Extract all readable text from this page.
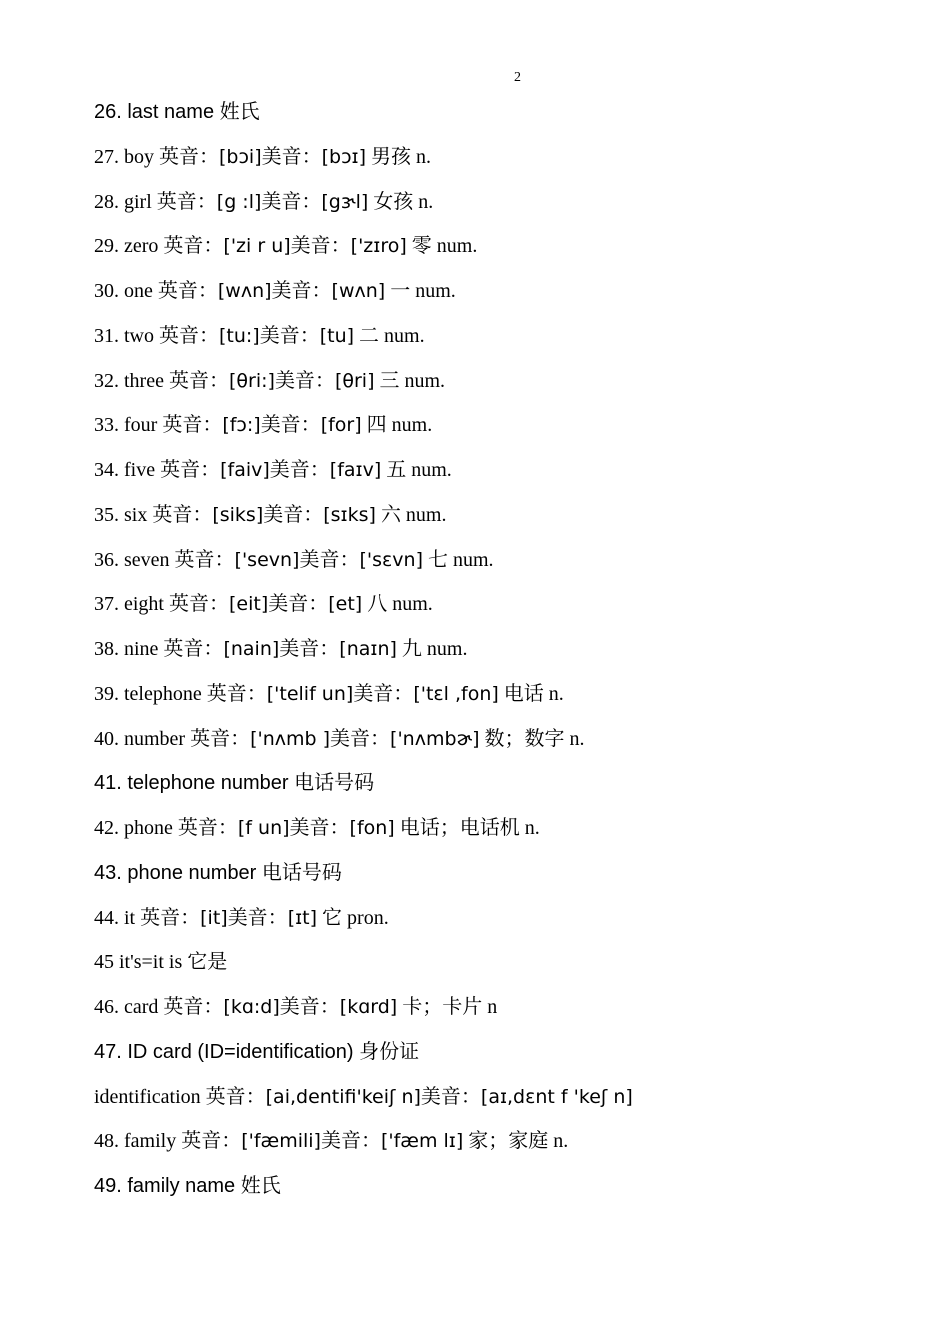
2
26. last name 姓氏
27. boy 英音：[bɔi]美音：[bɔɪ] 男孩 n.
28. girl 英音：[g :l]美音：[gɝl] 女孩 n.
29. zero 英音：['zi r u]美音：['zɪro] 零 num.
30. one 英音：[wʌn]美音：[wʌn] 一 num.
31. two 英音：[tu:]美音：[tu] 二 num.
32. three 英音：[θri:]美音：[θri] 三 num.
33. four 英音：[fɔ:]美音：[for] 四 num.
34. five 英音：[faiv]美音：[faɪv] 五 num.
35. six 英音：[siks]美音：[sɪks] 六 num.
36. seven 英音：['sevn]美音：['sɛvn] 七 num.
37. eight 英音：[eit]美音：[et] 八 num.
38. nine 英音：[nain]美音：[naɪn] 九 num.
39. telephone 英音：['telif un]美音：['tɛl ,fon] 电话 n.
40. number 英音：['nʌmb ]美音：['nʌmbɚ] 数；数字 n.
41. telephone number 电话号码
42. phone 英音：[f un]美音：[fon] 电话；电话机 n.
43. phone number 电话号码
44. it 英音：[it]美音：[ɪt] 它 pron.
45 it's=it is 它是
46. card 英音：[kɑ:d]美音：[kɑrd] 卡；卡片 n
47. ID card (ID=identification) 身份证
identification 英音：[ai,dentifi'keiʃ n]美音：[aɪ,dɛnt f 'keʃ n]
48. family 英音：['fæmili]美音：['fæm lɪ] 家；家庭 n.
49. family name 姓氏
